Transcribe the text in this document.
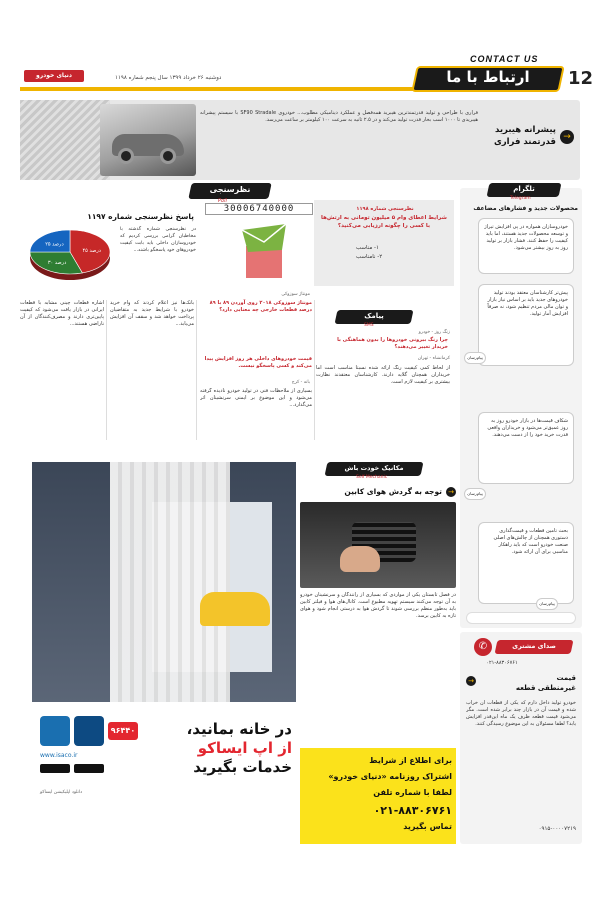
CONTACT US
ارتباط با ما	12
دوشنبه ۲۶ خرداد ۱۳۹۹ سال پنجم شماره ۱۱۹۸
دنیای خودرو
فراری با طراحی و تولید قدرتمندترین هیبرید همه‌فصل و عملکرد دینامیکی مطلوب... خودروی SF90 Stradale با سیستم پیشرانه هیبریدی تا ۱۰۰۰ اسب بخار قدرت تولید می‌کند و در ۲.۵ ثانیه به سرعت ۱۰۰ کیلومتر بر ساعت می‌رسد.
→
پیشرانه هیبرید قدرتمند فراری
نظرسنجی
Poll
30006740000	نظرسنجی شماره ۱۱۹۸
شرایط اعطای وام ۵ میلیون تومانی به ارتش‌ها با کسی را چگونه ارزیابی می‌کنید؟
۱- مناسب
۲- نامناسب
پاسخ نظرسنجی شماره ۱۱۹۷
در نظرسنجی شماره گذشته با مخاطبان گرامی بررسی کردیم که خودروسازان داخلی باید بابت کیفیت خودروهای خود پاسخگو باشند...
۴۵ درصد
۳۰ درصد
۲۵ درصد
تلگرام
Telegram
محصولات جدید و فشارهای مضاعف
خودروسازان همواره در پی افزایش تیراژ و توسعه محصولات جدید هستند، اما باید کیفیت را حفظ کنند. فشار بازار بر تولید روز به روز بیشتر می‌شود.
پیش‌تر کارشناسان معتقد بودند تولید خودروهای جدید باید بر اساس نیاز بازار و توان مالی مردم تنظیم شود، نه صرفاً افزایش آمار تولید.
پیام‌رسان
شکاف قیمت‌ها در بازار خودرو روز به روز عمیق‌تر می‌شود و خریداران واقعی قدرت خرید خود را از دست می‌دهند.
پیام‌رسان
بحث تامین قطعات و قیمت‌گذاری دستوری همچنان از چالش‌های اصلی صنعت خودرو است که باید راهکار مناسبی برای آن ارائه شود.
پیام‌رسان
پیامک
SMS
زنگ روز - خودرو
چرا رنگ بیرونی خودروها را بدون هماهنگی با خریدار تغییر می‌دهند؟
کرمانشاه - تهران
از لحاظ کمی کیفیت رنگ ارائه شده نسبتاً مناسب است اما خریداران همچنان گلایه دارند. کارشناسان معتقدند نظارت بیشتری بر کیفیت لازم است.
مونتاژ سوزوکی ۲۰۱۸ روی آوردن ۸۹ با ۸۹ درصد قطعات خارجی چه معنایی دارد؟
مونتاژ سوزوکی
قیمت خودروهای داخلی هر روز افزایش پیدا می‌کند و کسی پاسخگو نیست.
بانه - کرج
بسیاری از ملاحظات فنی در تولید خودرو نادیده گرفته می‌شود و این موضوع بر ایمنی سرنشینان اثر می‌گذارد...
اشاره قطعات چینی مشابه با قطعات ایرانی در بازار یافت می‌شود که کیفیت پایین‌تری دارند و مصرف‌کنندگان از آن ناراضی هستند...
بانک‌ها نیز اعلام کردند که وام خرید خودرو با شرایط جدید به متقاضیان پرداخت خواهد شد و سقف آن افزایش می‌یابد...
مکانیک خودت باش
Self Mechanic
→
توجه به گردش هوای کابین
در فصل تابستان یکی از مواردی که بسیاری از رانندگان و سرنشینان خودرو به آن توجه می‌کنند سیستم تهویه مطبوع است. کانال‌های هوا و فیلتر کابین باید به‌طور منظم بررسی شوند تا گردش هوا به درستی انجام شود و هوای تازه به کابین برسد.
در خانه بمانید،
از اپ ایساکو
خدمات بگیرید
۹۶۴۴۰
www.isaco.ir
دانلود اپلیکیشن ایساکو
برای اطلاع از شرایط
اشتراک روزنامه «دنیای خودرو»
لطفا با شماره تلفن
۰۲۱-۸۸۳۰۶۷۶۱
تماس بگیرید
صدای مشتری
✆
۰۲۱-۸۸۳۰۶۷۶۱
→	قیمت
غیرمنطقی قطعه
خودرو تولید داخل دارم که یکی از قطعات آن خراب شده و قیمت آن در بازار چند برابر شده است. مگر می‌شود قیمت قطعه ظرف یک ماه این‌قدر افزایش یابد؟ لطفا مسئولان به این موضوع رسیدگی کنند.
۰۹۱۵-۰۰۰۰۷۲۱۹
